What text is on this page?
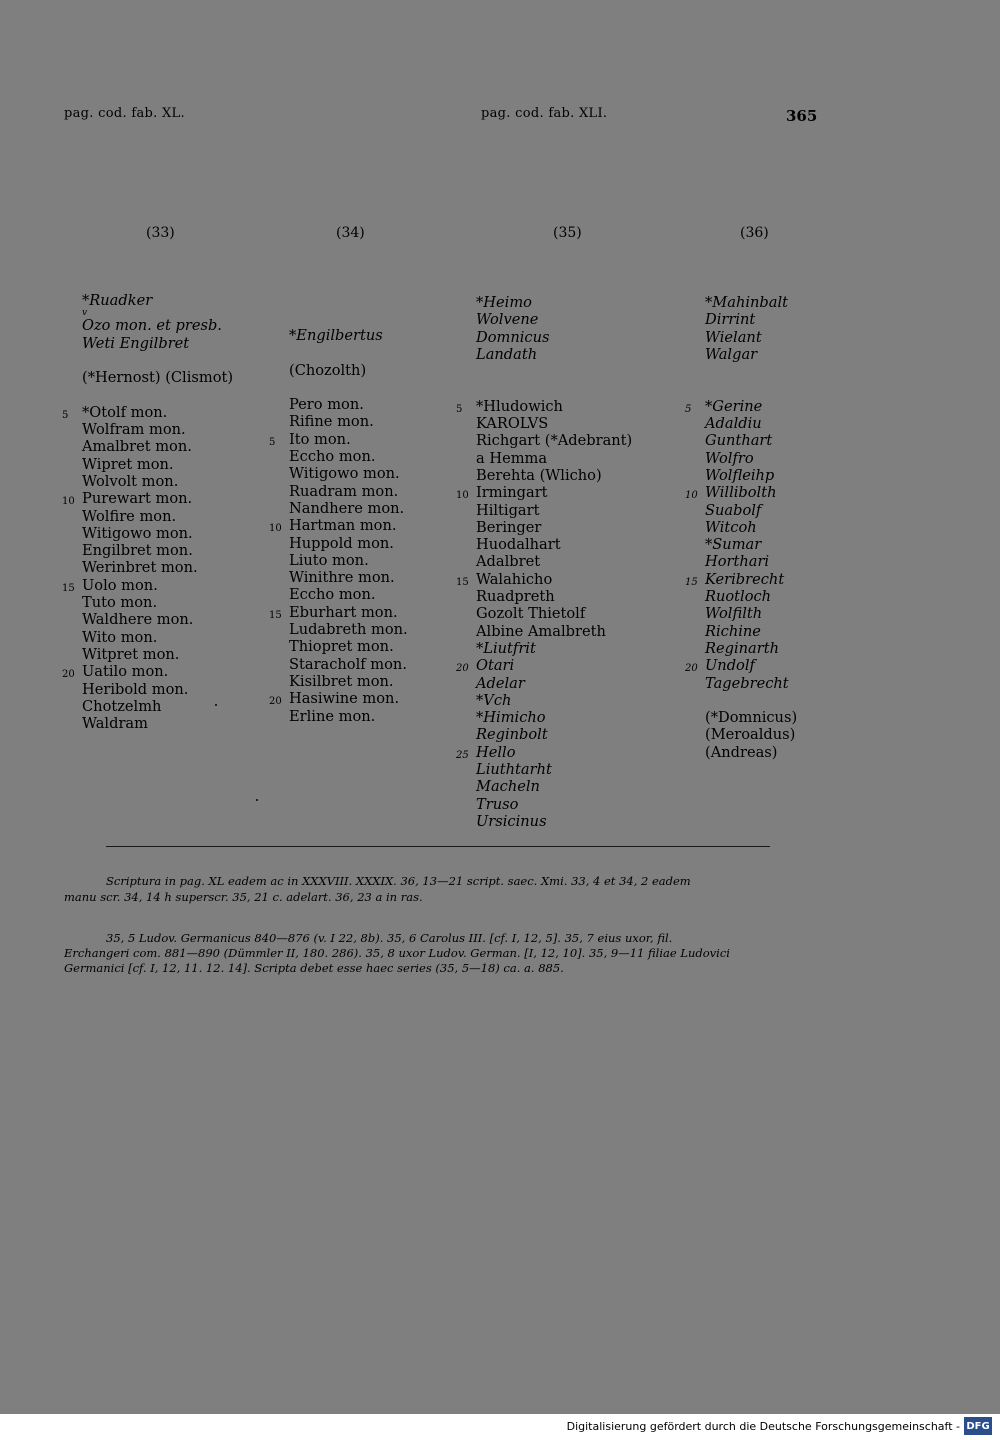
pag. cod. fab. XL.	pag. cod. fab. XLI.	365
(33)	(34)	(35)	(36)
*Ruadker
v
Ozo mon. et presb.
Weti Engilbret
(*Hernost) (Clismot)
5 *Otolf mon.
Wolfram mon.
Amalbret mon.
Wipret mon.
Wolvolt mon.
10 Purewart mon.
Wolfire mon.
Witigowo mon.
Engilbret mon.
Werinbret mon.
15 Uolo mon.
Tuto mon.
Waldhere mon.
Wito mon.
Witpret mon.
20 Uatilo mon.
Heribold mon.
Chotzelmh
Waldram
*Engilbertus
(Chozolth)
Pero mon.
Rifine mon.
5 Ito mon.
Eccho mon.
Witigowo mon.
Ruadram mon.
Nandhere mon.
10 Hartman mon.
Huppold mon.
Liuto mon.
Winithre mon.
Eccho mon.
15 Eburhart mon.
Ludabreth mon.
Thiopret mon.
Staracholf mon.
Kisilbret mon.
20 Hasiwine mon.
Erline mon.
*Heimo
Wolvene
Domnicus
Landath
5 *Hludowich
KAROLVS
Richgart (*Adebrant)
a Hemma
Berehta (Wlicho)
10 Irmingart
Hiltigart
Beringer
Huodalhart
Adalbret
15 Walahicho
Ruadpreth
Gozolt Thietolf
Albine Amalbreth
*Liutfrit
20 Otari
Adelar
*Vch
*Himicho
Reginbolt
25 Hello
Liuthtarht
Macheln
Truso
Ursicinus
*Mahinbalt
Dirrint
Wielant
Walgar
5 *Gerine
Adaldiu
Gunthart
Wolfro
Wolfleihp
10 Willibolth
Suabolf
Witcoh
*Sumar
Horthari
15 Keribrecht
Ruotloch
Wolfilth
Richine
Reginarth
20 Undolf
Tagebrecht
(*Domnicus)
(Meroaldus)
(Andreas)
Scriptura in pag. XL eadem ac in XXXVIII. XXXIX. 36, 13—21 script. saec. Xmi. 33, 4 et 34, 2 eadem
manu scr. 34, 14 h superscr. 35, 21 c. adelart. 36, 23 a in ras.
35, 5 Ludov. Germanicus 840—876 (v. I 22, 8b). 35, 6 Carolus III. [cf. I, 12, 5]. 35, 7 eius uxor, fil.
Erchangeri com. 881—890 (Dümmler II, 180. 286). 35, 8 uxor Ludov. German. [I, 12, 10]. 35, 9—11 filiae Ludovici
Germanici [cf. I, 12, 11. 12. 14]. Scripta debet esse haec series (35, 5—18) ca. a. 885.
Digitalisierung gefördert durch die Deutsche Forschungsgemeinschaft - DFG
